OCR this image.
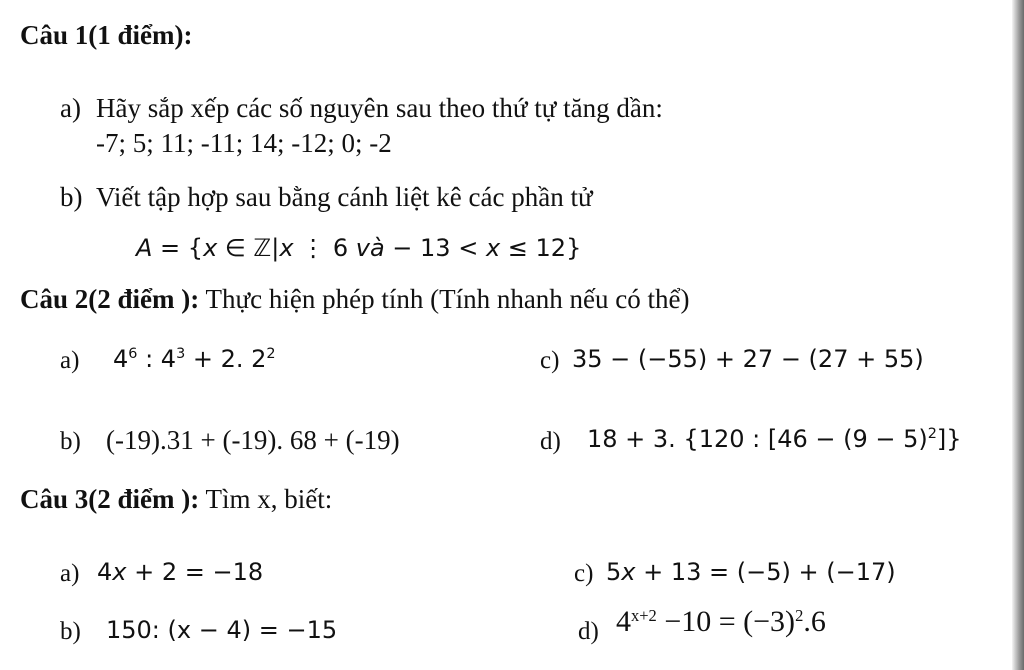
Câu 1(1 điểm):
a) Hãy sắp xếp các số nguyên sau theo thứ tự tăng dần:
-7; 5; 11; -11; 14; -12; 0; -2
b) Viết tập hợp sau bằng cánh liệt kê các phần tử
A = {x ∈ ℤ|x ⋮ 6 và − 13 < x ≤ 12}
Câu 2(2 điểm ): Thực hiện phép tính (Tính nhanh nếu có thể)
a) $4^6$ : $4^3 + 2$. $2^2$	c) 35 − (−55) + 27 − (27 + 55)
b) (-19).31 + (-19). 68 + (-19)	d) 18 + 3. {120 : $[46 - (9 - 5)^2]$}
Câu 3(2 điểm ): Tìm x, biết:
a) 4x + 2 = −18	c) 5x + 13 = (−5) + (−17)
b) 150: (x − 4) = −15	d) $4^{x+2} -10 = (-3)^2.6$
